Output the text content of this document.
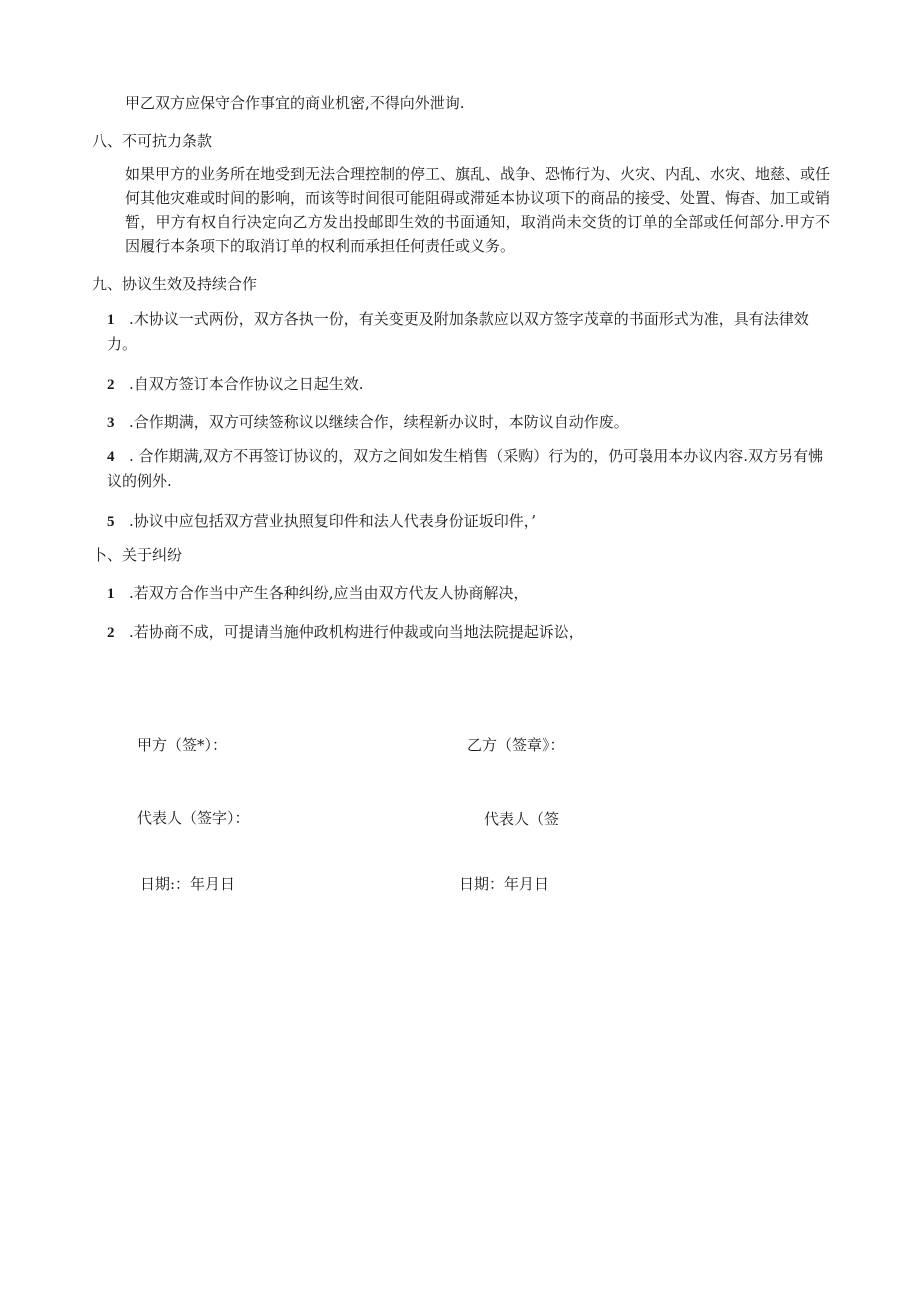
甲乙双方应保守合作事宜的商业机密,不得向外泄询.
八、不可抗力条款
如果甲方的业务所在地受到无法合理控制的停工、旗乱、战争、恐怖行为、火灾、内乱、水灾、地慈、或任何其他灾难或时间的影响，而该等时间很可能阻碍或滞延本协议项下的商品的接受、处置、悔杳、加工或销暂，甲方有权自行决定向乙方发出投邮即生效的书面通知，取消尚未交货的订单的全部或任何部分.甲方不因履行本条项下的取消订单的权利而承担任何责任或义务。
九、协议生效及持续合作
1 .木协议一式两份，双方各执一份，有关变更及附加条款应以双方签字茂章的书面形式为准，具有法律效力。
2 .自双方签订本合作协议之日起生效.
3 .合作期满，双方可续签称议以继续合作，续程新办议时，本防议自动作废。
4 . 合作期满,双方不再签订协议的，双方之间如发生梢售（采购）行为的，仍可袅用本办议内容.双方另有怫议的例外.
5 .协议中应包括双方营业执照复印件和法人代表身份证坂印件，’
卜、关于纠纷
1 .若双方合作当中产生各种纠纷,应当由双方代友人协商解决，
2 .若协商不成，可提请当施仲政机构进行仲裁或向当地法院提起诉讼，
甲方（签*）：	乙方（签章》：
代表人（签字）：	代表人（签
日期:：年月日	日期：年月日
